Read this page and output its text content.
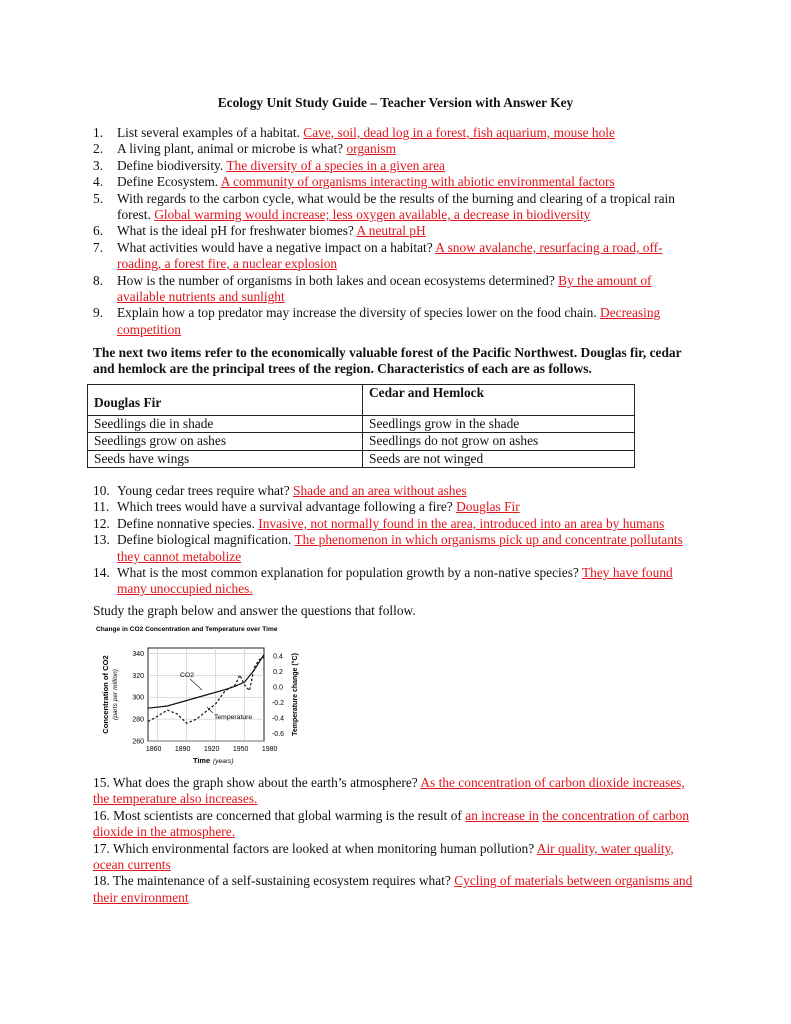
Ecology Unit Study Guide – Teacher Version with Answer Key
1. List several examples of a habitat. Cave, soil, dead log in a forest, fish aquarium, mouse hole
2. A living plant, animal or microbe is what? organism
3. Define biodiversity. The diversity of a species in a given area
4. Define Ecosystem. A community of organisms interacting with abiotic environmental factors
5. With regards to the carbon cycle, what would be the results of the burning and clearing of a tropical rain forest. Global warming would increase; less oxygen available, a decrease in biodiversity
6. What is the ideal pH for freshwater biomes? A neutral pH
7. What activities would have a negative impact on a habitat? A snow avalanche, resurfacing a road, off-roading, a forest fire, a nuclear explosion
8. How is the number of organisms in both lakes and ocean ecosystems determined? By the amount of available nutrients and sunlight
9. Explain how a top predator may increase the diversity of species lower on the food chain. Decreasing competition
The next two items refer to the economically valuable forest of the Pacific Northwest. Douglas fir, cedar and hemlock are the principal trees of the region. Characteristics of each are as follows.
Douglas Fir	Cedar and Hemlock
Seedlings die in shade	Seedlings grow in the shade
Seedlings grow on ashes	Seedlings do not grow on ashes
Seeds have wings	Seeds are not winged
10. Young cedar trees require what? Shade and an area without ashes
11. Which trees would have a survival advantage following a fire? Douglas Fir
12. Define nonnative species. Invasive, not normally found in the area, introduced into an area by humans
13. Define biological magnification. The phenomenon in which organisms pick up and concentrate pollutants they cannot metabolize
14. What is the most common explanation for population growth by a non-native species? They have found many unoccupied niches.
Study the graph below and answer the questions that follow.
Change in CO2 Concentration and Temperature over Time
260
280
300
320
340	0.4
0.2
0.0
-0.2
-0.4
-0.6
1860 1890 1920 1950 1980
CO2
Temperature
Concentration of CO2 (parts per million)	Temperature change (°C)
Time (years)
15. What does the graph show about the earth’s atmosphere? As the concentration of carbon dioxide increases, the temperature also increases.
16. Most scientists are concerned that global warming is the result of an increase in the concentration of carbon dioxide in the atmosphere.
17. Which environmental factors are looked at when monitoring human pollution? Air quality, water quality, ocean currents
18. The maintenance of a self-sustaining ecosystem requires what? Cycling of materials between organisms and their environment
